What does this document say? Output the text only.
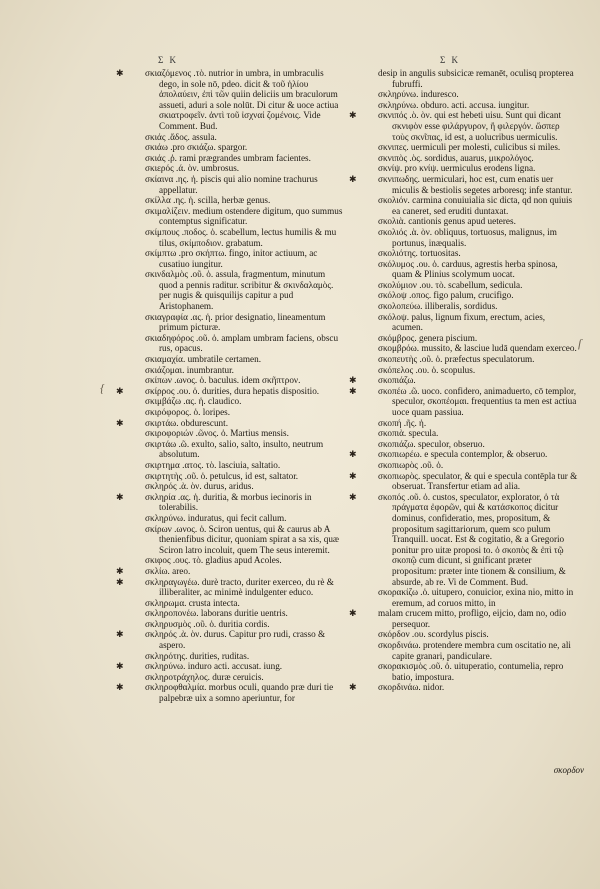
Σ Κ	Σ Κ
✱	σκιαζόμενος .τὸ. nutrior in umbra, in umbraculis dego, in sole nō, pdeo. dicit & τοῦ ἡλίου ἀπολαύειν, ἐπὶ τῶν quiin deliciis um braculorum assueti, aduri a sole nolūt. Di citur & uoce actiua σκιατροφεῖν. ἀντὶ τοῦ ἰσχναί ζομένοις. Vide Comment. Bud.
σκιάς .ἄδος. assula.
σκιάω .pro σκιάζω. spargor.
σκιάς .ῥ. rami prægrandes umbram facientes.
σκιερός .ά. ὸν. umbrosus.
σκίαινα .ης. ἡ. piscis qui alio nomine trachurus appellatur.
σκίλλα .ης. ἡ. scilla, herbæ genus.
σκιμαλίζειν. medium ostendere digitum, quo summus contemptus significatur.
σκίμπους .ποδος. ὁ. scabellum, lectus humilis & mu tilus, σκίμποδιον. grabatum.
σκίμπτω .pro σκήπτω. fingo, initor actiuum, ac cusatiuo iungitur.
σκινδαλμὸς .οῦ. ὁ. assula, fragmentum, minutum quod a pennis raditur. scribitur & σκινδαλαμὸς. per nugis & quisquilijs capitur a pud Aristophanem.
σκιαγραφία .ας. ἡ. prior designatio, lineamentum primum picturæ.
σκιαδηφόρος .οῦ. ὁ. amplam umbram faciens, obscu rus, opacus.
σκιαμαχία. umbratile certamen.
σκιάζομαι. inumbrantur.
σκίπων .ωνος. ὁ. baculus. idem σκῆπτρον.
✱	σκίρρος .ου. ὁ. durities, dura hepatis dispositio.
σκιμβάζω .ας. ἡ. claudico.
σκιρόφορος. ὁ. loripes.
✱	σκιρτάω. obdurescunt.
σκιροφοριών .ῶνος. ὁ. Martius mensis.
σκιρτάω .ῶ. exulto, salio, salto, insulto, neutrum absolutum.
σκιρτημα .ατος. τὸ. lasciuia, saltatio.
σκιρτητὴς .οῦ. ὁ. petulcus, id est, saltator.
σκληρός .ὰ. ὸν. durus, aridus.
✱	σκληρία .ας. ἡ. duritia, & morbus iecinoris in tolerabilis.
σκληρύνω. induratus, qui fecit callum.
σκίρων .ωνος. ὁ. Sciron uentus, qui & caurus ab A thenienfibus dicitur, quoniam spirat a sa xis, quæ Sciron latro incoluit, quem The seus interemit.
σκιφος .ους. τὸ. gladius apud Acoles.
✱	σκλίω. areo.
✱	σκληραγωγέω. durè tracto, duriter exerceo, du rè & illiberaliter, ac minimè indulgenter educo.
σκληρωμα. crusta intecta.
σκληροπονέω. laborans duritie uentris.
σκληρυσμὸς .οῦ. ὁ. duritia cordis.
✱	σκληρός .ὰ. ὸν. durus. Capitur pro rudi, crasso & aspero.
σκληρότης. durities, ruditas.
✱	σκληρύνω. induro acti. accusat. iung.
σκληροτράχηλος. duræ ceruicis.
✱	σκληροφθαλμία. morbus oculi, quando præ duri tie palpebræ uix a somno aperiuntur, for
desip in angulis subsicicæ remanēt, oculisq propterea fubruffi.
σκληρύνω. induresco.
σκληρύνω. obduro. acti. accusa. iungitur.
✱	σκνιπός .ὸ. ὸν. qui est hebeti uisu. Sunt qui dicant σκνιφὸν esse φιλάργυρον, ἢ φιλεργόν. ὥσπερ τοὺς σκνῖπας, id est, a uolucribus uermiculis.
σκνιπες. uermiculi per molesti, culicibus si miles.
σκνιπὸς .ὸς. sordidus, auarus, μικρολόγος.
σκνίψ. pro κνίψ. uermiculus erodens ligna.
✱	σκνιπωδης. uermiculari, hoc est, cum enatis uer miculis & bestiolis segetes arboresq; infe stantur.
σκολιόν. carmina conuiuialia sic dicta, qd non quiuis ea caneret, sed eruditi duntaxat.
σκολιὰ. cantionis genus apud ueteres.
σκολιός .ὰ. ὸν. obliquus, tortuosus, malignus, im portunus, inæqualis.
σκολιότης. tortuositas.
σκόλυμος .ου. ὁ. carduus, agrestis herba spinosa, quam & Plinius scolymum uocat.
σκολύμιον .ου. τὸ. scabellum, sedicula.
σκόλοψ .οπος. figo palum, crucifigo.
σκολοπεύω. illiberalis, sordidus.
σκόλοψ. palus, lignum fixum, erectum, acies, acumen.
σκόμβρος. genera piscium.
σκομβρόω. mussito, & lasciue ludā quendam exerceo.
σκοπευτὴς .οῦ. ὁ. præfectus speculatorum.
σκόπελος .ου. ὁ. scopulus.
✱	σκοπιάζω.
✱	σκοπέω .ῶ. uoco. confidero, animaduerto, cō templor, speculor, σκοπέομαι. frequentius ta men est actiua uoce quam passiua.
σκοπή .ῆς. ἡ.
σκοπιὰ. specula.
σκοπιάζω. speculor, obseruo.
✱	σκοπιωρέω. e specula contemplor, & obseruo.
σκοπιωρὸς .οῦ. ὁ.
✱	σκοπιωρὸς. speculator, & qui e specula contēpla tur & obseruat. Transfertur etiam ad alia.
✱	σκοπός .οῦ. ὁ. custos, speculator, explorator, ὁ τὰ πράγματα ἐφορῶν, qui & κατάσκοπος dicitur dominus, confideratio, mes, propositum, & propositum sagittariorum, quem sco pulum Tranquill. uocat. Est & cogitatio, & a Gregorio ponitur pro uitæ proposi to. ὁ σκοπὸς & ἐπὶ τῷ σκοπῷ cum dicunt, si gnificant præter propositum: præter inte tionem & consilium, & absurde, ab re. Vi de Comment. Bud.
σκορακίζω .ὁ. uitupero, conuicior, exina nio, mitto in eremum, ad coruos mitto, in
✱	malam crucem mitto, profligo, eijcio, dam no, odio persequor.
σκόρδον .ου. scordylus piscis.
σκορδινάω. protendere membra cum oscitatio ne, ali capite granari, pandiculare.
σκορακισμὸς .οῦ. ὁ. uituperatio, contumelia, repro batio, impostura.
✱	σκορδινάω. nidor.
{
ſ
σκορδον
